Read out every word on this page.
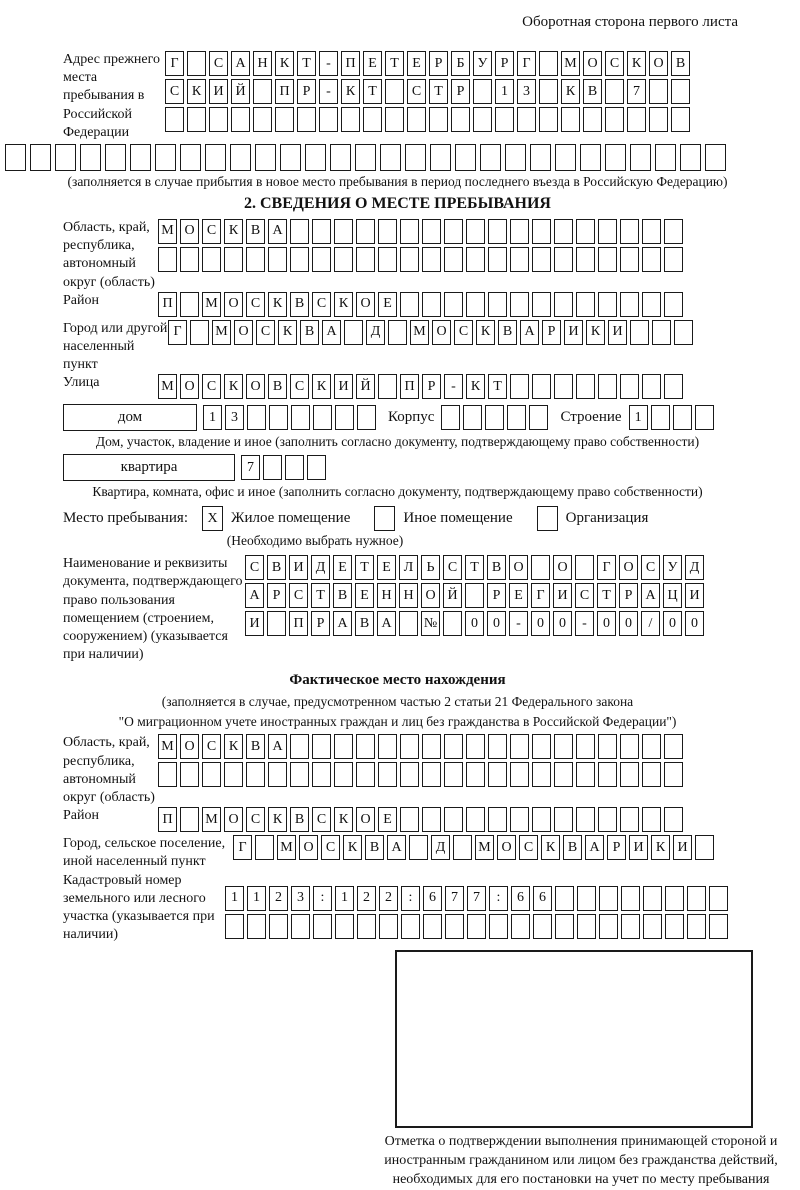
Оборотная сторона первого листа
Адрес прежнего места пребывания в Российской Федерации
Г	С А Н К Т	-	П Е Т Е Р	Б У Р	Г	М О С К О В
С К И Й	П Р	-	К Т	С Т Р	1	3	К В	7
(заполняется в случае прибытия в новое место пребывания в период последнего въезда в Российскую Федерацию)
2. СВЕДЕНИЯ О МЕСТЕ ПРЕБЫВАНИЯ
Область, край, республика, автономный округ (область)
М О С К В А
Район	П	М О С К В С К О Е
Город или другой населенный пункт
Г	М О С К В А	Д	М О С К В А Р И К И
Улица	М О С К О В С К И Й	П Р	-	К Т
дом	1	3	Корпус	Строение 1
Дом, участок, владение и иное (заполнить согласно документу, подтверждающему право собственности)
квартира	7
Квартира, комната, офис и иное (заполнить согласно документу, подтверждающему право собственности)
Место пребывания:	X Жилое помещение	Иное помещение	Организация
(Необходимо выбрать нужное)
Наименование и реквизиты документа, подтверждающего право пользования помещением (строением, сооружением) (указывается при наличии)
С В И Д Е Т Е Л Ь С Т В О	О	Г О С У Д
А Р С Т В Е Н Н О Й	Р Е Г И С Т Р А Ц И
И	П Р А В А	№	0	0	-	0	0	-	0	0	/	0	0
Фактическое место нахождения
(заполняется в случае, предусмотренном частью 2 статьи 21 Федерального закона
"О миграционном учете иностранных граждан и лиц без гражданства в Российской Федерации")
Область, край, республика, автономный округ (область)
М О С К В А
Район	П	М О С К В С К О Е
Город, сельское поселение, иной населенный пункт
Г	М О С К В А	Д	М О С К В А Р И К И
Кадастровый номер земельного или лесного участка (указывается при наличии)
1	1	2	3	:	1	2	2	:	6	7	7	:	6	6
Отметка о подтверждении выполнения принимающей стороной и иностранным гражданином или лицом без гражданства действий, необходимых для его постановки на учет по месту пребывания
